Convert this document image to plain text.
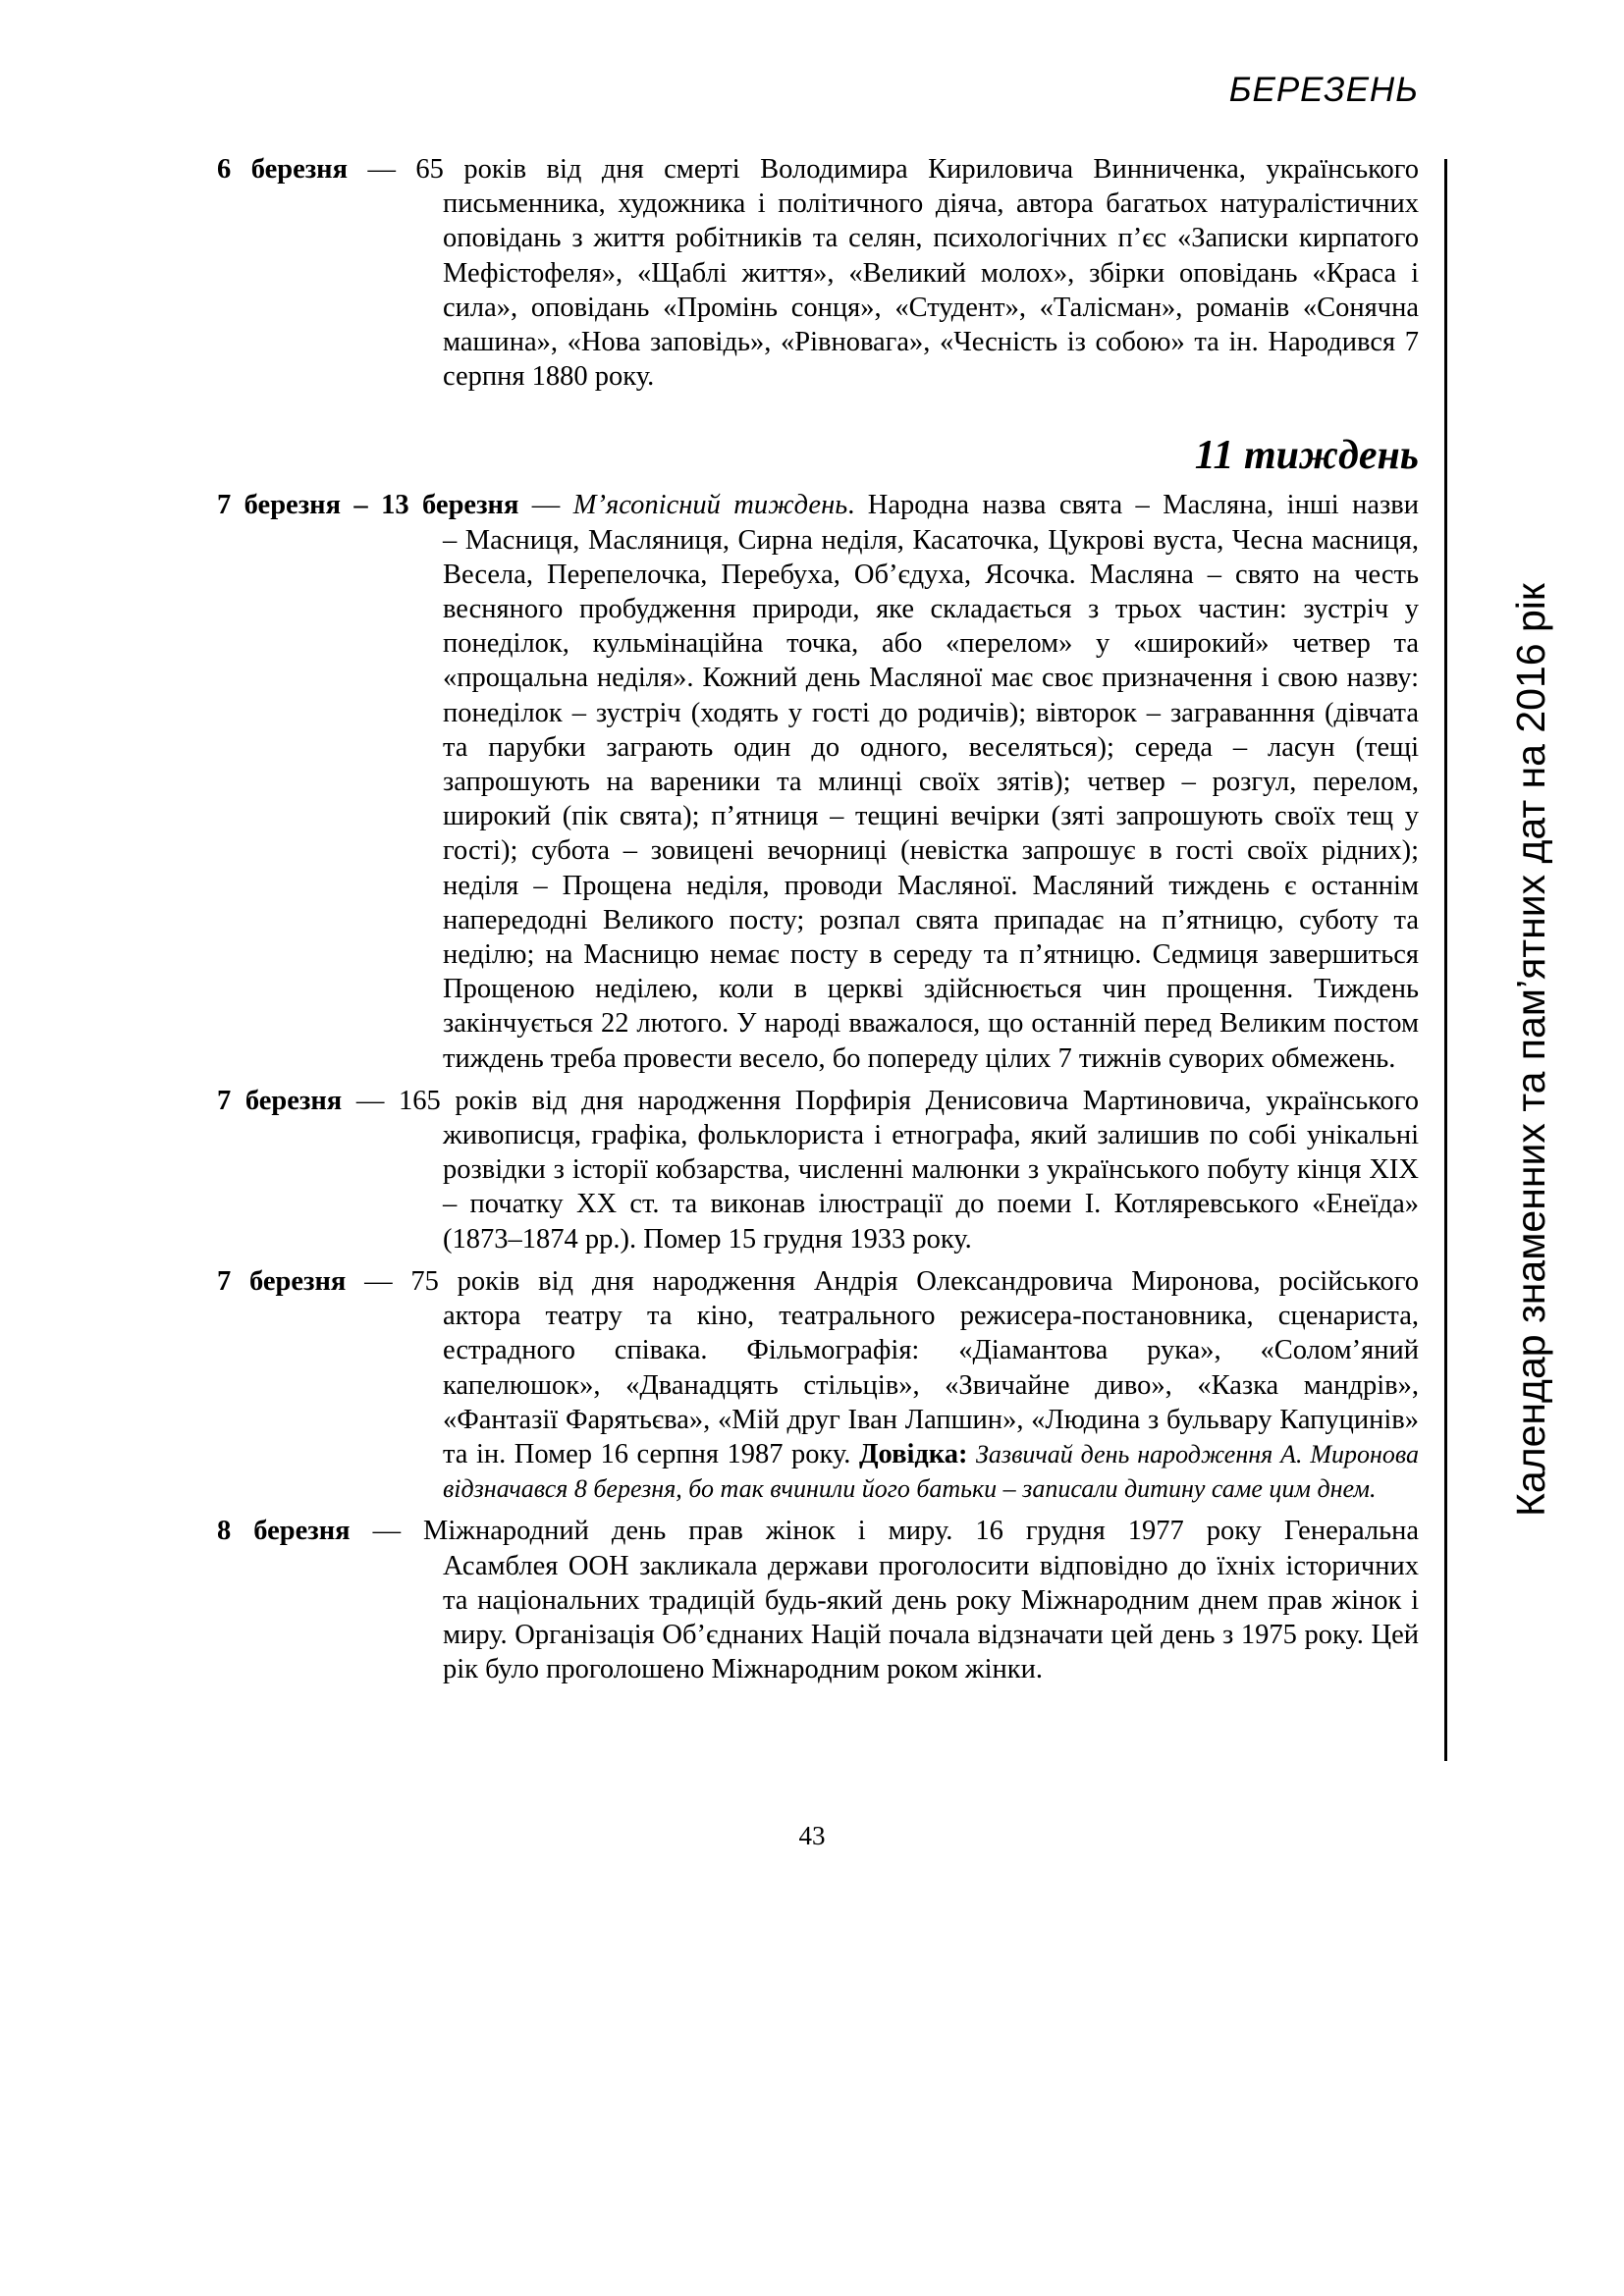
БЕРЕЗЕНЬ
Календар знаменних та пам’ятних дат на 2016 рік
6 березня — 65 років від дня смерті Володимира Кириловича Винниченка, українського
письменника, художника і політичного діяча, автора багатьох натуралістичних оповідань з життя робітників та селян, психологічних п’єс «Записки кирпатого Мефістофеля», «Щаблі життя», «Великий молох», збірки оповідань «Краса і сила», оповідань «Промінь сонця», «Студент», «Талісман», романів «Сонячна машина», «Нова заповідь», «Рівновага», «Чесність із собою» та ін. Народився 7 серпня 1880 року.
11 тиждень
7 березня – 13 березня — М’ясопісний тиждень. Народна назва свята – Масляна, інші назви
– Масниця, Масляниця, Сирна неділя, Касаточка, Цукрові вуста, Чесна масниця, Весела, Перепелочка, Перебуха, Об’єдуха, Ясочка. Масляна – свято на честь весняного пробудження природи, яке складається з трьох частин: зустріч у понеділок, кульмінаційна точка, або «перелом» у «широкий» четвер та «прощальна неділя». Кожний день Масляної має своє призначення і свою назву: понеділок – зустріч (ходять у гості до родичів); вівторок – заграванння (дівчата та парубки заграють один до одного, веселяться); середа – ласун (тещі запрошують на вареники та млинці своїх зятів); четвер – розгул, перелом, широкий (пік свята); п’ятниця – тещині вечірки (зяті запрошують своїх тещ у гості); субота – зовицені вечорниці (невістка запрошує в гості своїх рідних); неділя – Прощена неділя, проводи Масляної. Масляний тиждень є останнім напередодні Великого посту; розпал свята припадає на п’ятницю, суботу та неділю; на Масницю немає посту в середу та п’ятницю. Седмиця завершиться Прощеною неділею, коли в церкві здійснюється чин прощення. Тиждень закінчується 22 лютого. У народі вважалося, що останній перед Великим постом тиждень треба провести весело, бо попереду цілих 7 тижнів суворих обмежень.
7 березня — 165 років від дня народження Порфирія Денисовича Мартиновича, українського
живописця, графіка, фольклориста і етнографа, який залишив по собі унікальні розвідки з історії кобзарства, численні малюнки з українського побуту кінця ХІХ – початку ХХ ст. та виконав ілюстрації до поеми І. Котляревського «Енеїда» (1873–1874 рр.). Помер 15 грудня 1933 року.
7 березня — 75 років від дня народження Андрія Олександровича Миронова, російського
актора театру та кіно, театрального режисера-постановника, сценариста, естрадного співака. Фільмографія: «Діамантова рука», «Солом’яний капелюшок», «Дванадцять стільців», «Звичайне диво», «Казка мандрів», «Фантазії Фарятьєва», «Мій друг Іван Лапшин», «Людина з бульвару Капуцинів» та ін. Помер 16 серпня 1987 року. Довідка: Зазвичай день народження А. Миронова відзначався 8 березня, бо так вчинили його батьки – записали дитину саме цим днем.
8 березня — Міжнародний день прав жінок і миру. 16 грудня 1977 року Генеральна
Асамблея ООН закликала держави проголосити відповідно до їхніх історичних та національних традицій будь-який день року Міжнародним днем прав жінок і миру. Організація Об’єднаних Націй почала відзначати цей день з 1975 року. Цей рік було проголошено Міжнародним роком жінки.
43
